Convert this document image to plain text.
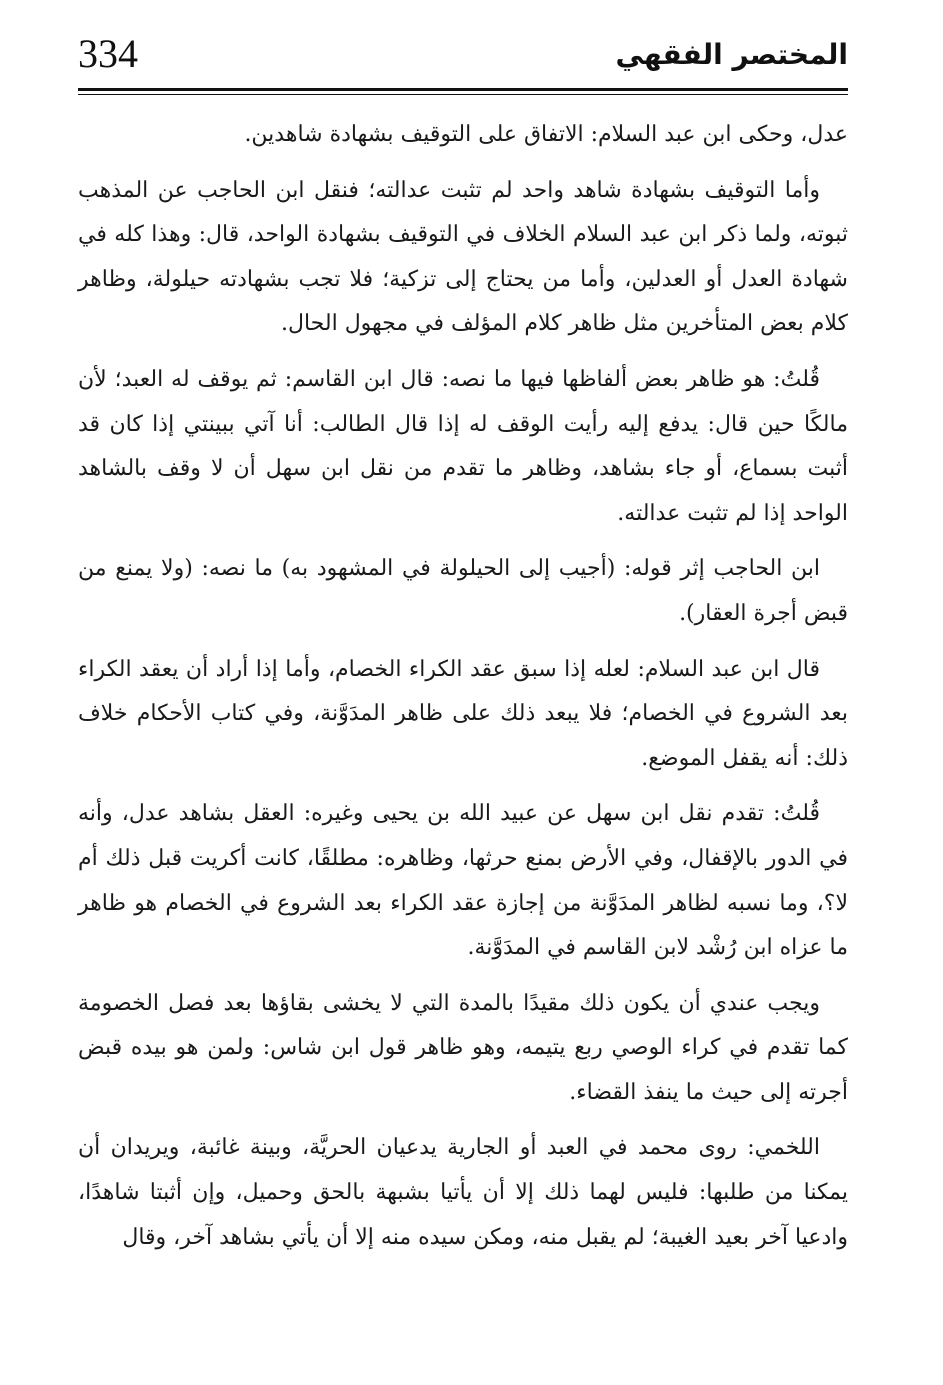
334	المختصر الفقهي

عدل، وحكى ابن عبد السلام: الاتفاق على التوقيف بشهادة شاهدين.

وأما التوقيف بشهادة شاهد واحد لم تثبت عدالته؛ فنقل ابن الحاجب عن المذهب ثبوته، ولما ذكر ابن عبد السلام الخلاف في التوقيف بشهادة الواحد، قال: وهذا كله في شهادة العدل أو العدلين، وأما من يحتاج إلى تزكية؛ فلا تجب بشهادته حيلولة، وظاهر كلام بعض المتأخرين مثل ظاهر كلام المؤلف في مجهول الحال.

قُلتُ: هو ظاهر بعض ألفاظها فيها ما نصه: قال ابن القاسم: ثم يوقف له العبد؛ لأن مالكًا حين قال: يدفع إليه رأيت الوقف له إذا قال الطالب: أنا آتي ببينتي إذا كان قد أثبت بسماع، أو جاء بشاهد، وظاهر ما تقدم من نقل ابن سهل أن لا وقف بالشاهد الواحد إذا لم تثبت عدالته.

ابن الحاجب إثر قوله: (أجيب إلى الحيلولة في المشهود به) ما نصه: (ولا يمنع من قبض أجرة العقار).

قال ابن عبد السلام: لعله إذا سبق عقد الكراء الخصام، وأما إذا أراد أن يعقد الكراء بعد الشروع في الخصام؛ فلا يبعد ذلك على ظاهر المدَوَّنة، وفي كتاب الأحكام خلاف ذلك: أنه يقفل الموضع.

قُلتُ: تقدم نقل ابن سهل عن عبيد الله بن يحيى وغيره: العقل بشاهد عدل، وأنه في الدور بالإقفال، وفي الأرض بمنع حرثها، وظاهره: مطلقًا، كانت أكريت قبل ذلك أم لا؟، وما نسبه لظاهر المدَوَّنة من إجازة عقد الكراء بعد الشروع في الخصام هو ظاهر ما عزاه ابن رُشْد لابن القاسم في المدَوَّنة.

ويجب عندي أن يكون ذلك مقيدًا بالمدة التي لا يخشى بقاؤها بعد فصل الخصومة كما تقدم في كراء الوصي ربع يتيمه، وهو ظاهر قول ابن شاس: ولمن هو بيده قبض أجرته إلى حيث ما ينفذ القضاء.

اللخمي: روى محمد في العبد أو الجارية يدعيان الحريَّة، وبينة غائبة، ويريدان أن يمكنا من طلبها: فليس لهما ذلك إلا أن يأتيا بشبهة بالحق وحميل، وإن أثبتا شاهدًا، وادعيا آخر بعيد الغيبة؛ لم يقبل منه، ومكن سيده منه إلا أن يأتي بشاهد آخر، وقال
